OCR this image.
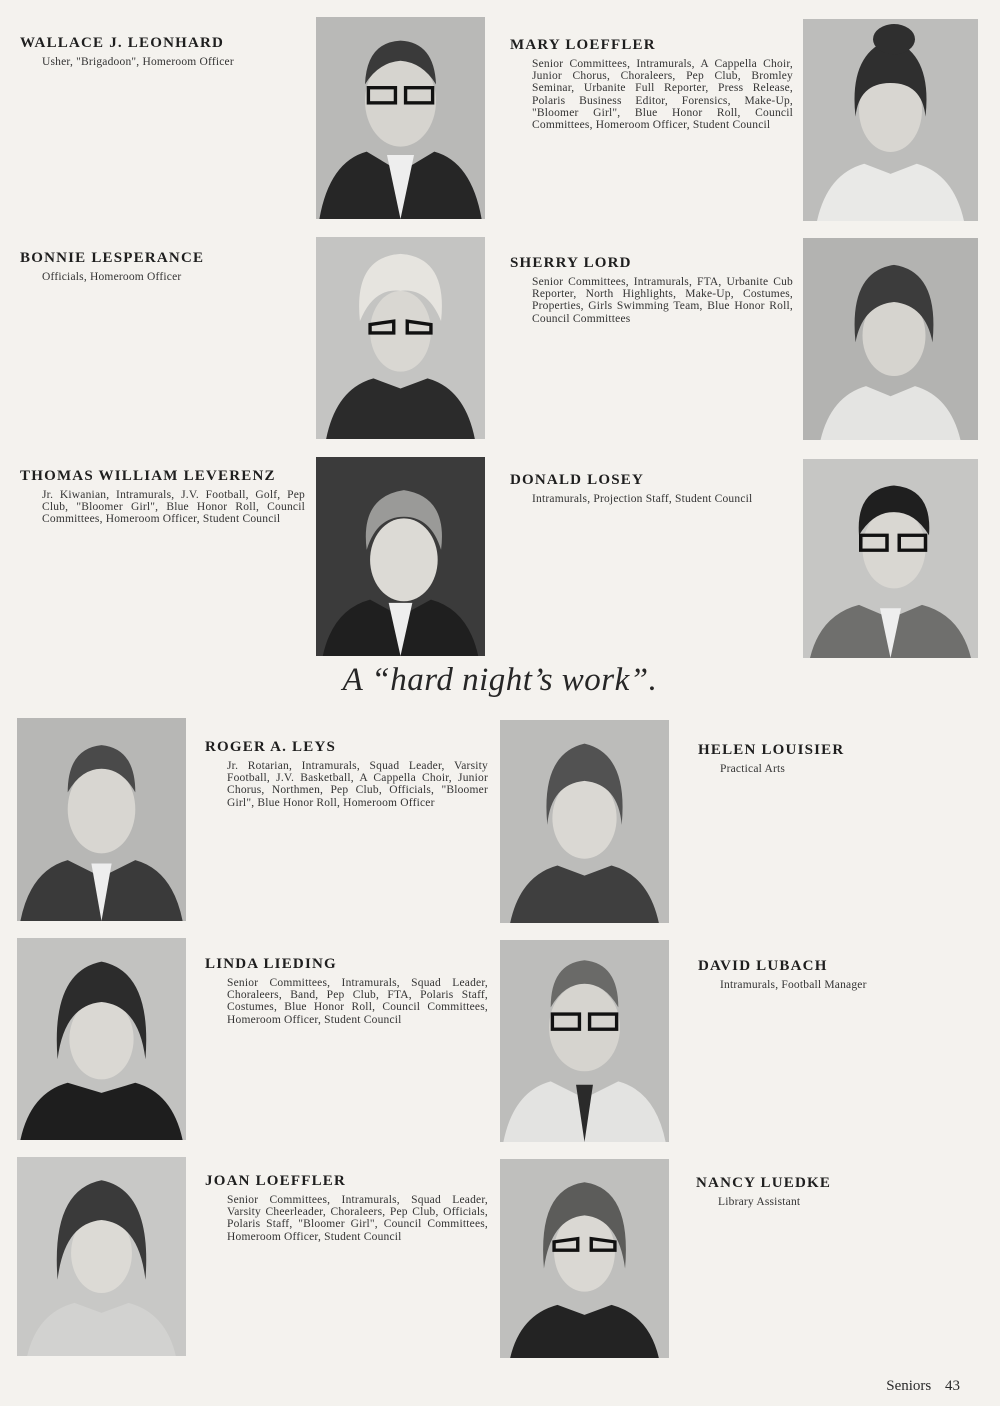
WALLACE J. LEONHARD

Usher, "Brigadoon", Homeroom Officer

MARY LOEFFLER

Senior Committees, Intramurals, A Cappella Choir, Junior Chorus, Choraleers, Pep Club, Bromley Seminar, Urbanite Full Reporter, Press Release, Polaris Business Editor, Forensics, Make-Up, "Bloomer Girl", Blue Honor Roll, Council Committees, Homeroom Officer, Student Council

BONNIE LESPERANCE

Officials, Homeroom Officer

SHERRY LORD

Senior Committees, Intramurals, FTA, Urbanite Cub Reporter, North Highlights, Make-Up, Costumes, Properties, Girls Swimming Team, Blue Honor Roll, Council Committees

THOMAS WILLIAM LEVERENZ

Jr. Kiwanian, Intramurals, J.V. Football, Golf, Pep Club, "Bloomer Girl", Blue Honor Roll, Council Committees, Homeroom Officer, Student Council

DONALD LOSEY

Intramurals, Projection Staff, Student Council

A “hard night’s work”.

ROGER A. LEYS

Jr. Rotarian, Intramurals, Squad Leader, Varsity Football, J.V. Basketball, A Cappella Choir, Junior Chorus, Northmen, Pep Club, Officials, "Bloomer Girl", Blue Honor Roll, Homeroom Officer

HELEN LOUISIER

Practical Arts

LINDA LIEDING

Senior Committees, Intramurals, Squad Leader, Choraleers, Band, Pep Club, FTA, Polaris Staff, Costumes, Blue Honor Roll, Council Committees, Homeroom Officer, Student Council

DAVID LUBACH

Intramurals, Football Manager

JOAN LOEFFLER

Senior Committees, Intramurals, Squad Leader, Varsity Cheerleader, Choraleers, Pep Club, Officials, Polaris Staff, "Bloomer Girl", Council Committees, Homeroom Officer, Student Council

NANCY LUEDKE

Library Assistant

Seniors 43
